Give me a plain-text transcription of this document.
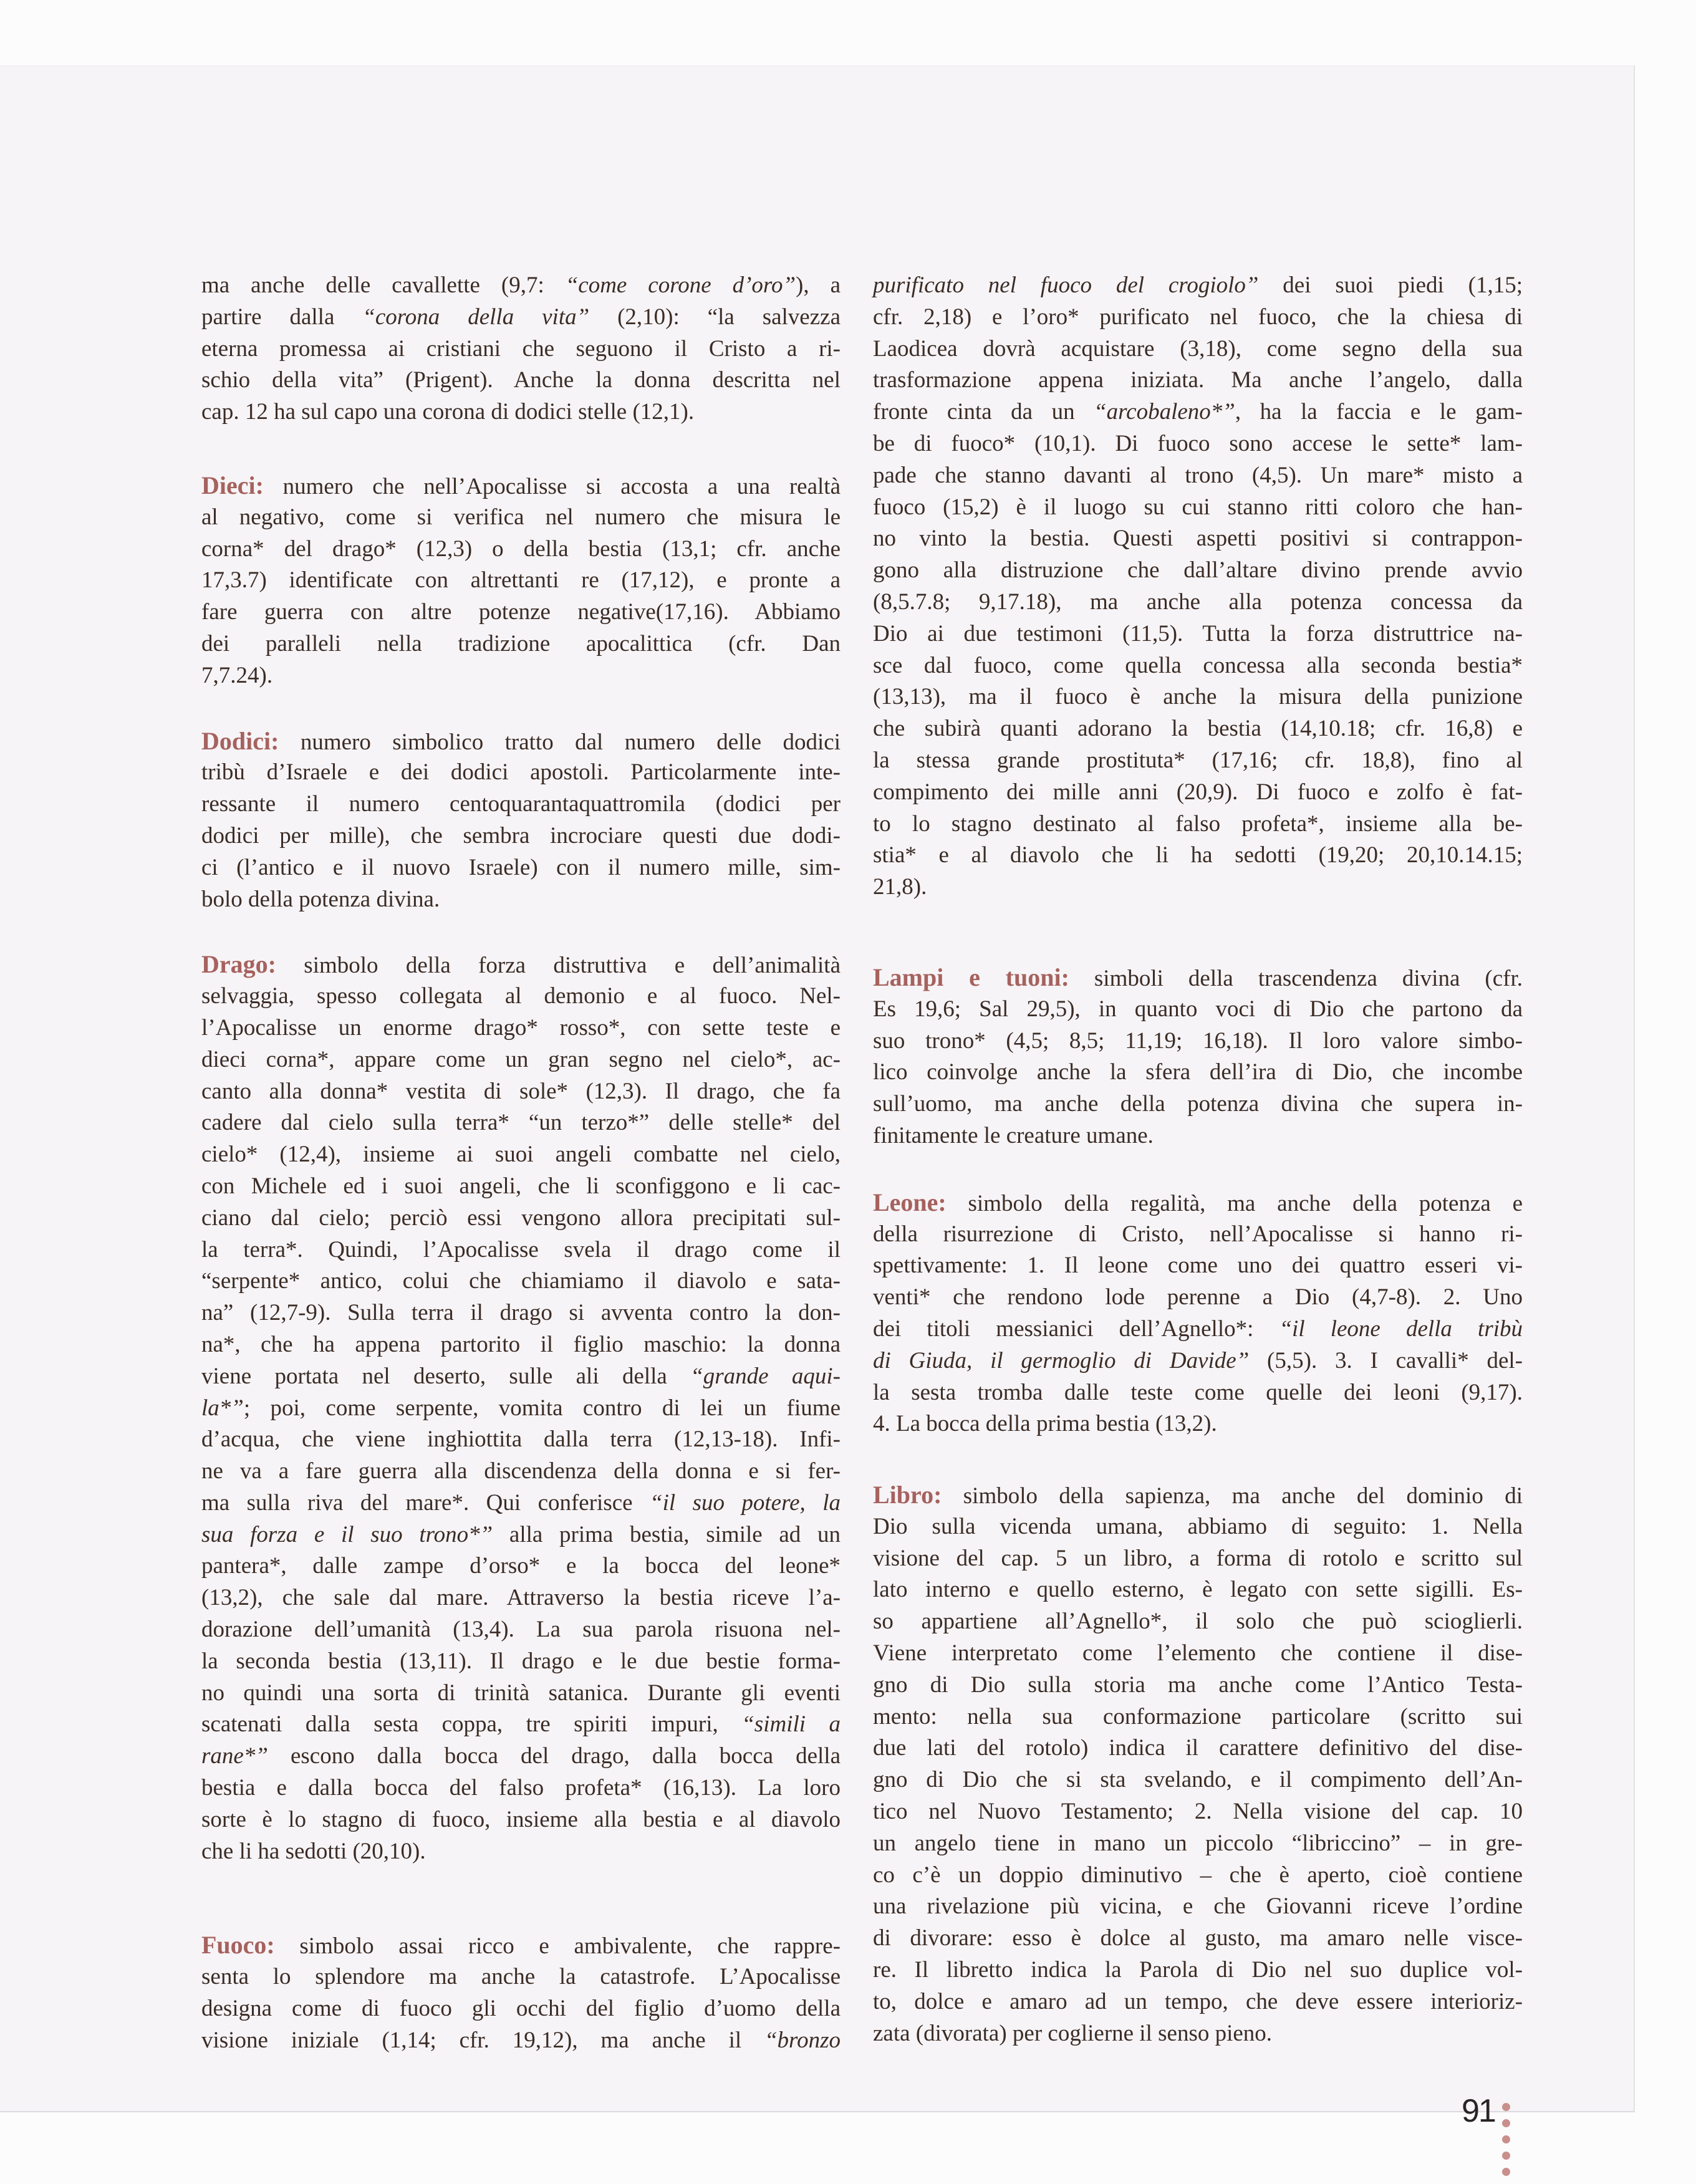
ma anche delle cavallette (9,7: “come corone d’oro”), a
partire dalla “corona della vita” (2,10): “la salvezza
eterna promessa ai cristiani che seguono il Cristo a ri-
schio della vita” (Prigent). Anche la donna descritta nel
cap. 12 ha sul capo una corona di dodici stelle (12,1).
Dieci: numero che nell’Apocalisse si accosta a una realtà
al negativo, come si verifica nel numero che misura le
corna* del drago* (12,3) o della bestia (13,1; cfr. anche
17,3.7) identificate con altrettanti re (17,12), e pronte a
fare guerra con altre potenze negative(17,16). Abbiamo
dei paralleli nella tradizione apocalittica (cfr. Dan
7,7.24).
Dodici: numero simbolico tratto dal numero delle dodici
tribù d’Israele e dei dodici apostoli. Particolarmente inte-
ressante il numero centoquarantaquattromila (dodici per
dodici per mille), che sembra incrociare questi due dodi-
ci (l’antico e il nuovo Israele) con il numero mille, sim-
bolo della potenza divina.
Drago: simbolo della forza distruttiva e dell’animalità
selvaggia, spesso collegata al demonio e al fuoco. Nel-
l’Apocalisse un enorme drago* rosso*, con sette teste e
dieci corna*, appare come un gran segno nel cielo*, ac-
canto alla donna* vestita di sole* (12,3). Il drago, che fa
cadere dal cielo sulla terra* “un terzo*” delle stelle* del
cielo* (12,4), insieme ai suoi angeli combatte nel cielo,
con Michele ed i suoi angeli, che li sconfiggono e li cac-
ciano dal cielo; perciò essi vengono allora precipitati sul-
la terra*. Quindi, l’Apocalisse svela il drago come il
“serpente* antico, colui che chiamiamo il diavolo e sata-
na” (12,7-9). Sulla terra il drago si avventa contro la don-
na*, che ha appena partorito il figlio maschio: la donna
viene portata nel deserto, sulle ali della “grande aqui-
la*”; poi, come serpente, vomita contro di lei un fiume
d’acqua, che viene inghiottita dalla terra (12,13-18). Infi-
ne va a fare guerra alla discendenza della donna e si fer-
ma sulla riva del mare*. Qui conferisce “il suo potere, la
sua forza e il suo trono*” alla prima bestia, simile ad un
pantera*, dalle zampe d’orso* e la bocca del leone*
(13,2), che sale dal mare. Attraverso la bestia riceve l’a-
dorazione dell’umanità (13,4). La sua parola risuona nel-
la seconda bestia (13,11). Il drago e le due bestie forma-
no quindi una sorta di trinità satanica. Durante gli eventi
scatenati dalla sesta coppa, tre spiriti impuri, “simili a
rane*” escono dalla bocca del drago, dalla bocca della
bestia e dalla bocca del falso profeta* (16,13). La loro
sorte è lo stagno di fuoco, insieme alla bestia e al diavolo
che li ha sedotti (20,10).
Fuoco: simbolo assai ricco e ambivalente, che rappre-
senta lo splendore ma anche la catastrofe. L’Apocalisse
designa come di fuoco gli occhi del figlio d’uomo della
visione iniziale (1,14; cfr. 19,12), ma anche il “bronzo
purificato nel fuoco del crogiolo” dei suoi piedi (1,15;
cfr. 2,18) e l’oro* purificato nel fuoco, che la chiesa di
Laodicea dovrà acquistare (3,18), come segno della sua
trasformazione appena iniziata. Ma anche l’angelo, dalla
fronte cinta da un “arcobaleno*”, ha la faccia e le gam-
be di fuoco* (10,1). Di fuoco sono accese le sette* lam-
pade che stanno davanti al trono (4,5). Un mare* misto a
fuoco (15,2) è il luogo su cui stanno ritti coloro che han-
no vinto la bestia. Questi aspetti positivi si contrappon-
gono alla distruzione che dall’altare divino prende avvio
(8,5.7.8; 9,17.18), ma anche alla potenza concessa da
Dio ai due testimoni (11,5). Tutta la forza distruttrice na-
sce dal fuoco, come quella concessa alla seconda bestia*
(13,13), ma il fuoco è anche la misura della punizione
che subirà quanti adorano la bestia (14,10.18; cfr. 16,8) e
la stessa grande prostituta* (17,16; cfr. 18,8), fino al
compimento dei mille anni (20,9). Di fuoco e zolfo è fat-
to lo stagno destinato al falso profeta*, insieme alla be-
stia* e al diavolo che li ha sedotti (19,20; 20,10.14.15;
21,8).
Lampi e tuoni: simboli della trascendenza divina (cfr.
Es 19,6; Sal 29,5), in quanto voci di Dio che partono da
suo trono* (4,5; 8,5; 11,19; 16,18). Il loro valore simbo-
lico coinvolge anche la sfera dell’ira di Dio, che incombe
sull’uomo, ma anche della potenza divina che supera in-
finitamente le creature umane.
Leone: simbolo della regalità, ma anche della potenza e
della risurrezione di Cristo, nell’Apocalisse si hanno ri-
spettivamente: 1. Il leone come uno dei quattro esseri vi-
venti* che rendono lode perenne a Dio (4,7-8). 2. Uno
dei titoli messianici dell’Agnello*: “il leone della tribù
di Giuda, il germoglio di Davide” (5,5). 3. I cavalli* del-
la sesta tromba dalle teste come quelle dei leoni (9,17).
4. La bocca della prima bestia (13,2).
Libro: simbolo della sapienza, ma anche del dominio di
Dio sulla vicenda umana, abbiamo di seguito: 1. Nella
visione del cap. 5 un libro, a forma di rotolo e scritto sul
lato interno e quello esterno, è legato con sette sigilli. Es-
so appartiene all’Agnello*, il solo che può scioglierli.
Viene interpretato come l’elemento che contiene il dise-
gno di Dio sulla storia ma anche come l’Antico Testa-
mento: nella sua conformazione particolare (scritto sui
due lati del rotolo) indica il carattere definitivo del dise-
gno di Dio che si sta svelando, e il compimento dell’An-
tico nel Nuovo Testamento; 2. Nella visione del cap. 10
un angelo tiene in mano un piccolo “libriccino” – in gre-
co c’è un doppio diminutivo – che è aperto, cioè contiene
una rivelazione più vicina, e che Giovanni riceve l’ordine
di divorare: esso è dolce al gusto, ma amaro nelle visce-
re. Il libretto indica la Parola di Dio nel suo duplice vol-
to, dolce e amaro ad un tempo, che deve essere interioriz-
zata (divorata) per coglierne il senso pieno.
91
